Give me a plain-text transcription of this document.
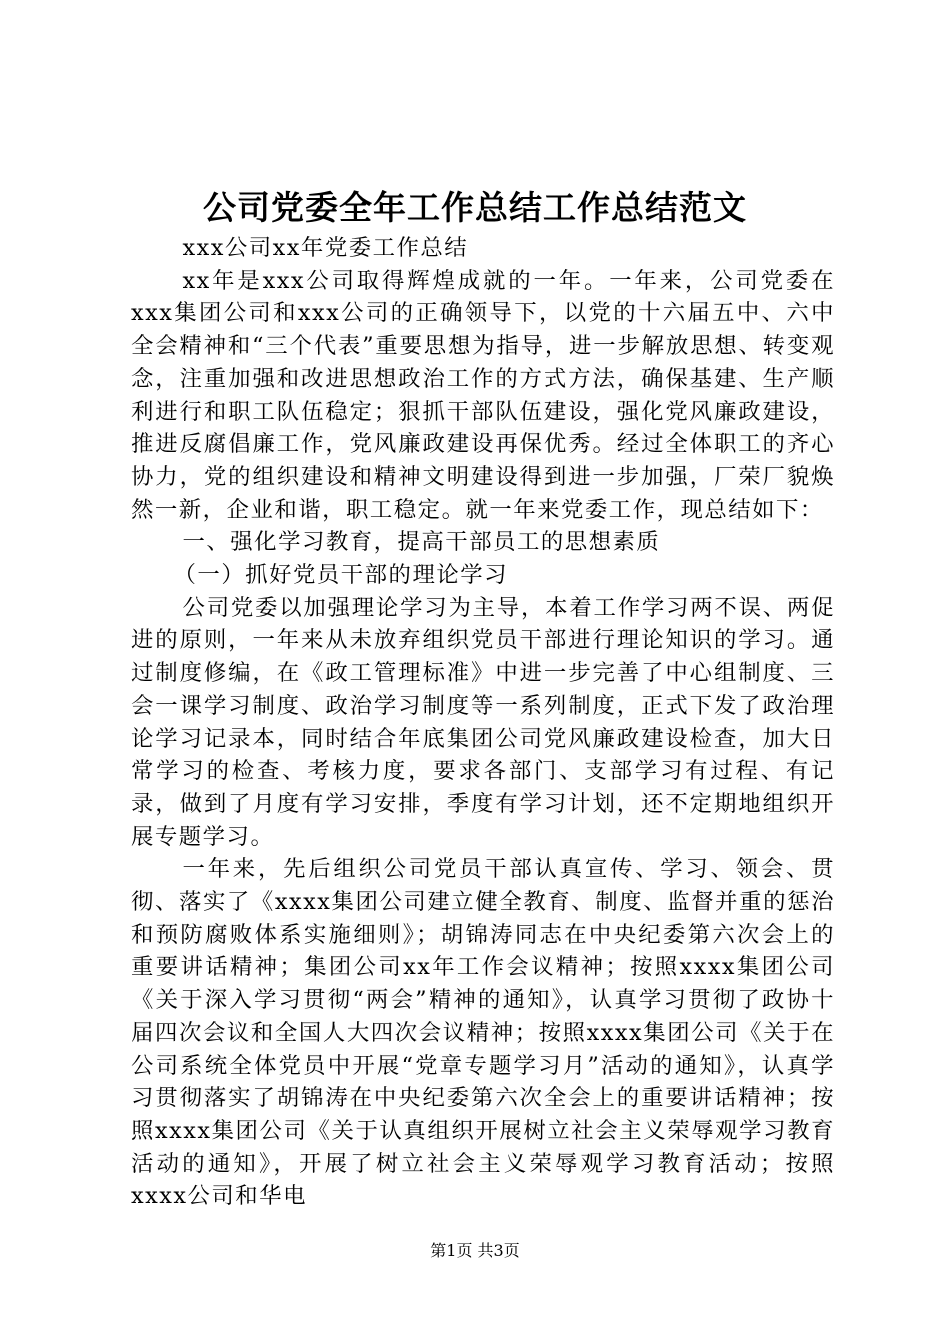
公司党委全年工作总结工作总结范文

xxx公司xx年党委工作总结

xx年是xxx公司取得辉煌成就的一年。一年来，公司党委在xxx集团公司和xxx公司的正确领导下，以党的十六届五中、六中全会精神和“三个代表”重要思想为指导，进一步解放思想、转变观念，注重加强和改进思想政治工作的方式方法，确保基建、生产顺利进行和职工队伍稳定；狠抓干部队伍建设，强化党风廉政建设，推进反腐倡廉工作，党风廉政建设再保优秀。经过全体职工的齐心协力，党的组织建设和精神文明建设得到进一步加强，厂荣厂貌焕然一新，企业和谐，职工稳定。就一年来党委工作，现总结如下：

一、强化学习教育，提高干部员工的思想素质

（一）抓好党员干部的理论学习

公司党委以加强理论学习为主导，本着工作学习两不误、两促进的原则，一年来从未放弃组织党员干部进行理论知识的学习。通过制度修编，在《政工管理标准》中进一步完善了中心组制度、三会一课学习制度、政治学习制度等一系列制度，正式下发了政治理论学习记录本，同时结合年底集团公司党风廉政建设检查，加大日常学习的检查、考核力度，要求各部门、支部学习有过程、有记录，做到了月度有学习安排，季度有学习计划，还不定期地组织开展专题学习。

一年来，先后组织公司党员干部认真宣传、学习、领会、贯彻、落实了《xxxx集团公司建立健全教育、制度、监督并重的惩治和预防腐败体系实施细则》；胡锦涛同志在中央纪委第六次会上的重要讲话精神；集团公司xx年工作会议精神；按照xxxx集团公司《关于深入学习贯彻“两会”精神的通知》，认真学习贯彻了政协十届四次会议和全国人大四次会议精神；按照xxxx集团公司《关于在公司系统全体党员中开展“党章专题学习月”活动的通知》，认真学习贯彻落实了胡锦涛在中央纪委第六次全会上的重要讲话精神；按照xxxx集团公司《关于认真组织开展树立社会主义荣辱观学习教育活动的通知》，开展了树立社会主义荣辱观学习教育活动；按照xxxx公司和华电

第1页 共3页
